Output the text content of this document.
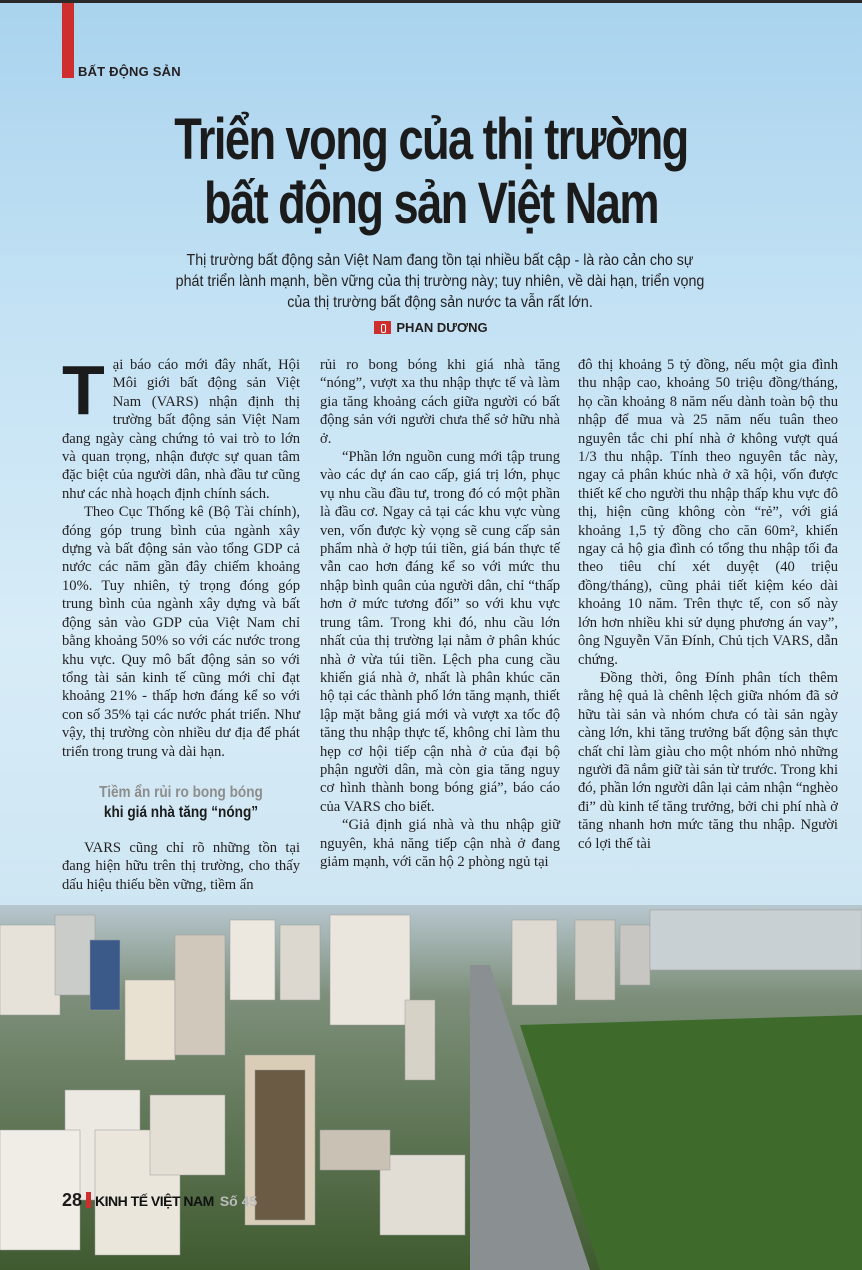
BẤT ĐỘNG SẢN
Triển vọng của thị trường
bất động sản Việt Nam
Thị trường bất động sản Việt Nam đang tồn tại nhiều bất cập - là rào cản cho sự phát triển lành mạnh, bền vững của thị trường này; tuy nhiên, về dài hạn, triển vọng của thị trường bất động sản nước ta vẫn rất lớn.
PHAN DƯƠNG

Tại báo cáo mới đây nhất, Hội Môi giới bất động sản Việt Nam (VARS) nhận định thị trường bất động sản Việt Nam đang ngày càng chứng tỏ vai trò to lớn và quan trọng, nhận được sự quan tâm đặc biệt của người dân, nhà đầu tư cũng như các nhà hoạch định chính sách.

Theo Cục Thống kê (Bộ Tài chính), đóng góp trung bình của ngành xây dựng và bất động sản vào tổng GDP cả nước các năm gần đây chiếm khoảng 10%. Tuy nhiên, tỷ trọng đóng góp trung bình của ngành xây dựng và bất động sản vào GDP của Việt Nam chỉ bằng khoảng 50% so với các nước trong khu vực. Quy mô bất động sản so với tổng tài sản kinh tế cũng mới chỉ đạt khoảng 21% - thấp hơn đáng kể so với con số 35% tại các nước phát triển. Như vậy, thị trường còn nhiều dư địa để phát triển trong trung và dài hạn.

Tiềm ẩn rủi ro bong bóng
khi giá nhà tăng “nóng”

VARS cũng chỉ rõ những tồn tại đang hiện hữu trên thị trường, cho thấy dấu hiệu thiếu bền vững, tiềm ẩn

rủi ro bong bóng khi giá nhà tăng “nóng”, vượt xa thu nhập thực tế và làm gia tăng khoảng cách giữa người có bất động sản với người chưa thể sở hữu nhà ở.

“Phần lớn nguồn cung mới tập trung vào các dự án cao cấp, giá trị lớn, phục vụ nhu cầu đầu tư, trong đó có một phần là đầu cơ. Ngay cả tại các khu vực vùng ven, vốn được kỳ vọng sẽ cung cấp sản phẩm nhà ở hợp túi tiền, giá bán thực tế vẫn cao hơn đáng kể so với mức thu nhập bình quân của người dân, chỉ “thấp hơn ở mức tương đối” so với khu vực trung tâm. Trong khi đó, nhu cầu lớn nhất của thị trường lại nằm ở phân khúc nhà ở vừa túi tiền. Lệch pha cung cầu khiến giá nhà ở, nhất là phân khúc căn hộ tại các thành phố lớn tăng mạnh, thiết lập mặt bằng giá mới và vượt xa tốc độ tăng thu nhập thực tế, không chỉ làm thu hẹp cơ hội tiếp cận nhà ở của đại bộ phận người dân, mà còn gia tăng nguy cơ hình thành bong bóng giá”, báo cáo của VARS cho biết.

“Giả định giá nhà và thu nhập giữ nguyên, khả năng tiếp cận nhà ở đang giảm mạnh, với căn hộ 2 phòng ngủ tại

đô thị khoảng 5 tỷ đồng, nếu một gia đình thu nhập cao, khoảng 50 triệu đồng/tháng, họ cần khoảng 8 năm nếu dành toàn bộ thu nhập để mua và 25 năm nếu tuân theo nguyên tắc chi phí nhà ở không vượt quá 1/3 thu nhập. Tính theo nguyên tắc này, ngay cả phân khúc nhà ở xã hội, vốn được thiết kế cho người thu nhập thấp khu vực đô thị, hiện cũng không còn “rẻ”, với giá khoảng 1,5 tỷ đồng cho căn 60m², khiến ngay cả hộ gia đình có tổng thu nhập tối đa theo tiêu chí xét duyệt (40 triệu đồng/tháng), cũng phải tiết kiệm kéo dài khoảng 10 năm. Trên thực tế, con số này lớn hơn nhiều khi sử dụng phương án vay”, ông Nguyễn Văn Đính, Chủ tịch VARS, dẫn chứng.

Đồng thời, ông Đính phân tích thêm rằng hệ quả là chênh lệch giữa nhóm đã sở hữu tài sản và nhóm chưa có tài sản ngày càng lớn, khi tăng trưởng bất động sản thực chất chỉ làm giàu cho một nhóm nhỏ những người đã nắm giữ tài sản từ trước. Trong khi đó, phần lớn người dân lại cảm nhận “nghèo đi” dù kinh tế tăng trưởng, bởi chi phí nhà ở tăng nhanh hơn mức tăng thu nhập. Người có lợi thế tài

28 KINH TẾ VIỆT NAM Số 45
